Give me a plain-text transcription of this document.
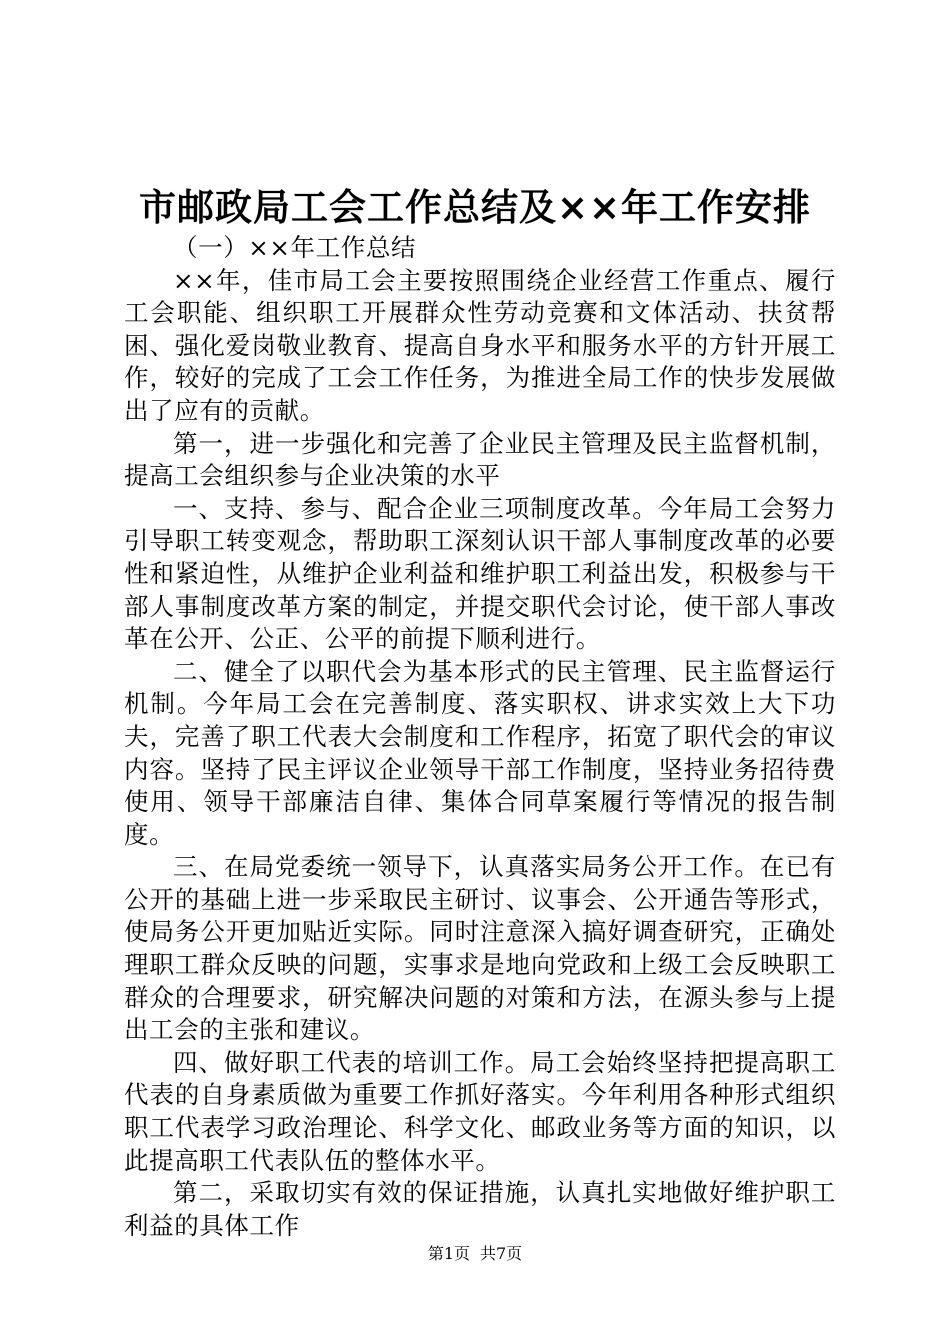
市邮政局工会工作总结及××年工作安排

（一）××年工作总结

××年，佳市局工会主要按照围绕企业经营工作重点、履行工会职能、组织职工开展群众性劳动竞赛和文体活动、扶贫帮困、强化爱岗敬业教育、提高自身水平和服务水平的方针开展工作，较好的完成了工会工作任务，为推进全局工作的快步发展做出了应有的贡献。

第一，进一步强化和完善了企业民主管理及民主监督机制，提高工会组织参与企业决策的水平

一、支持、参与、配合企业三项制度改革。今年局工会努力引导职工转变观念，帮助职工深刻认识干部人事制度改革的必要性和紧迫性，从维护企业利益和维护职工利益出发，积极参与干部人事制度改革方案的制定，并提交职代会讨论，使干部人事改革在公开、公正、公平的前提下顺利进行。

二、健全了以职代会为基本形式的民主管理、民主监督运行机制。今年局工会在完善制度、落实职权、讲求实效上大下功夫，完善了职工代表大会制度和工作程序，拓宽了职代会的审议内容。坚持了民主评议企业领导干部工作制度，坚持业务招待费使用、领导干部廉洁自律、集体合同草案履行等情况的报告制度。

三、在局党委统一领导下，认真落实局务公开工作。在已有公开的基础上进一步采取民主研讨、议事会、公开通告等形式，使局务公开更加贴近实际。同时注意深入搞好调查研究，正确处理职工群众反映的问题，实事求是地向党政和上级工会反映职工群众的合理要求，研究解决问题的对策和方法，在源头参与上提出工会的主张和建议。

四、做好职工代表的培训工作。局工会始终坚持把提高职工代表的自身素质做为重要工作抓好落实。今年利用各种形式组织职工代表学习政治理论、科学文化、邮政业务等方面的知识，以此提高职工代表队伍的整体水平。

第二，采取切实有效的保证措施，认真扎实地做好维护职工利益的具体工作

第1页 共7页
